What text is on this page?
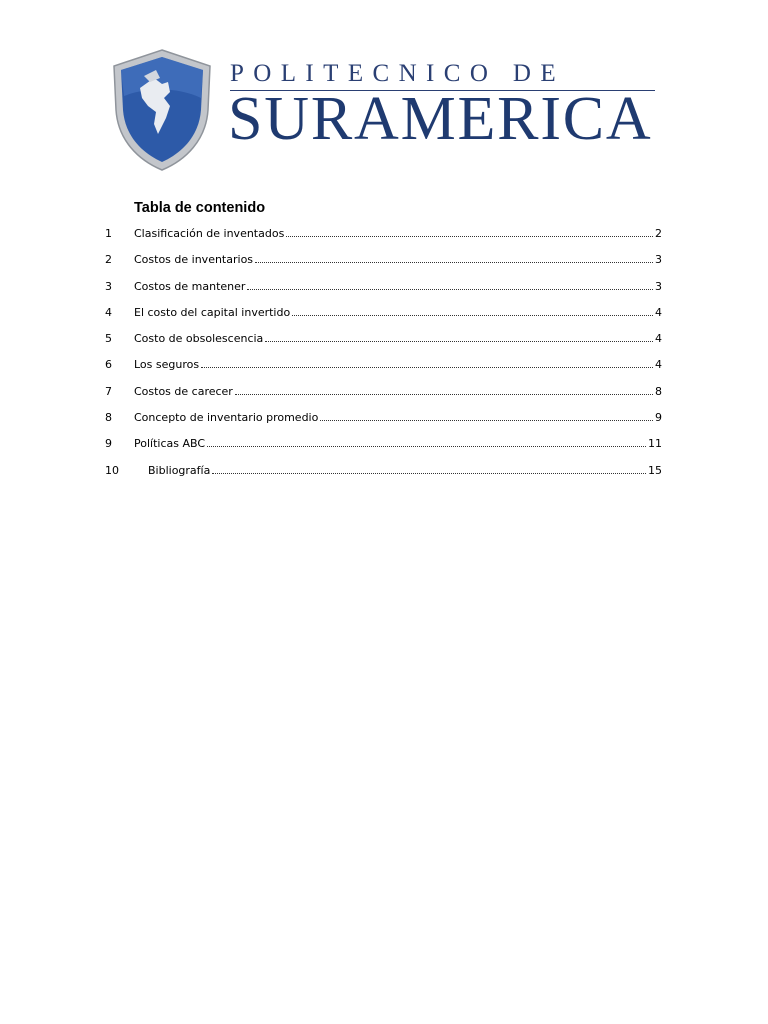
POLITECNICO DE
SURAMERICA
Tabla de contenido
1	Clasificación de inventados	2
2	Costos de inventarios	3
3	Costos de mantener	3
4	El costo del capital invertido	4
5	Costo de obsolescencia	4
6	Los seguros	4
7	Costos de carecer	8
8	Concepto de inventario promedio	9
9	Políticas ABC	11
10	Bibliografía	15
